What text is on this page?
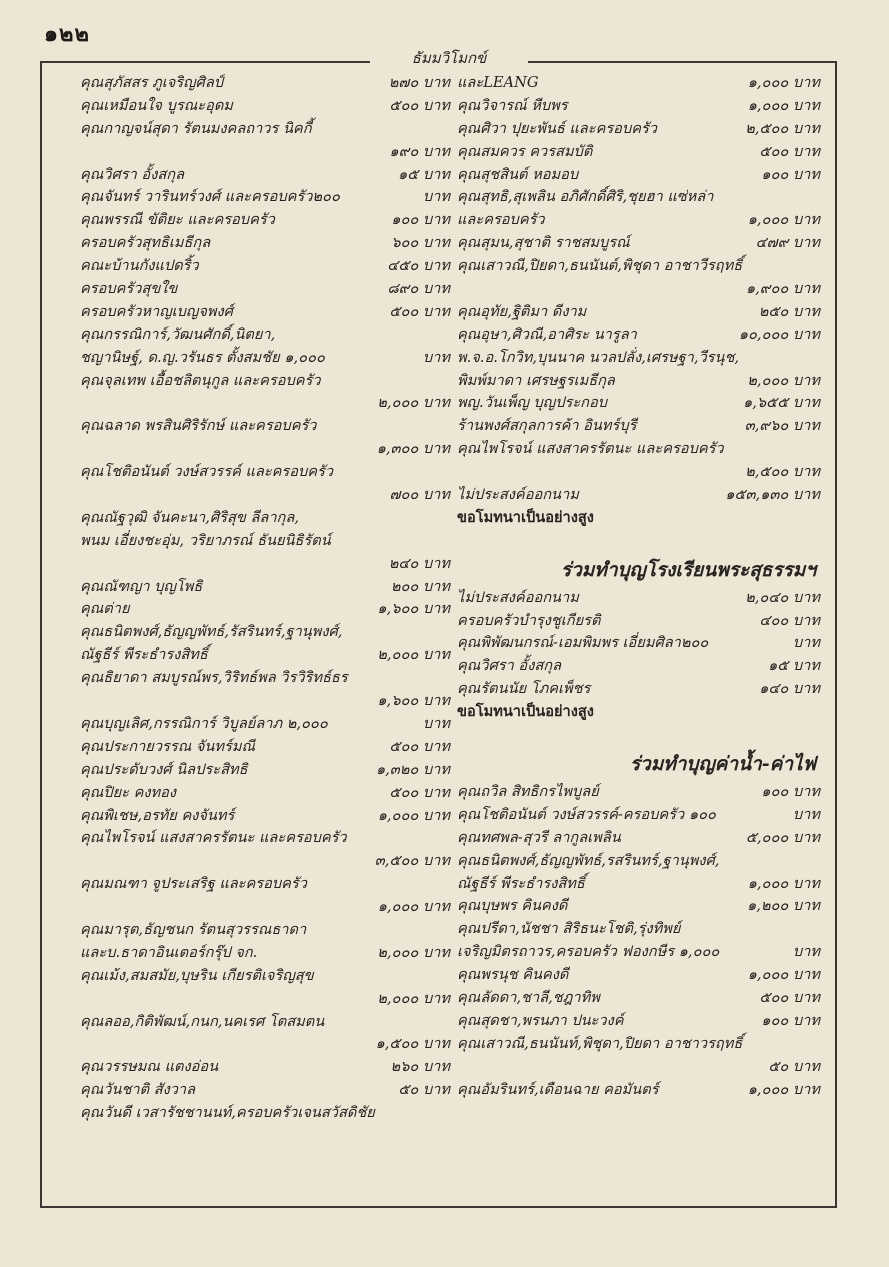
๑๒๒
ธัมมวิโมกข์
คุณสุภัสสร ภูเจริญศิลป์	๒๗๐ บาท
คุณเหมือนใจ บูรณะอุดม	๕๐๐ บาท
คุณกาญจน์สุดา รัตนมงคลถาวร นิคกี้
๑๙๐ บาท
คุณวิศรา อั้งสกุล	๑๕ บาท
คุณจันทร์ วารินทร์วงศ์ และครอบครัว๒๐๐	บาท
คุณพรรณี ขัติยะ และครอบครัว	๑๐๐ บาท
ครอบครัวสุทธิเมธีกุล	๖๐๐ บาท
คณะบ้านกังแปดริ้ว	๔๕๐ บาท
ครอบครัวสุขใข	๘๙๐ บาท
ครอบครัวหาญเบญจพงศ์	๕๐๐ บาท
คุณกรรณิการ์,วัฒนศักดิ์,นิตยา,
ชญานิษฐ์, ด.ญ.วรันธร ตั้งสมชัย ๑,๐๐๐	บาท
คุณจุลเทพ เอื้อชลิตนุกูล และครอบครัว
๒,๐๐๐ บาท
คุณฉลาด พรสินศิริรักษ์ และครอบครัว
๑,๓๐๐ บาท
คุณโชติอนันต์ วงษ์สวรรค์ และครอบครัว
๗๐๐ บาท
คุณณัฐวุฒิ จันคะนา,ศิริสุข ลีลากุล,
พนม เอี่ยงชะอุ่ม, วริยาภรณ์ ธันยนิธิรัตน์
๒๔๐ บาท
คุณณัฑญา บุญโพธิ	๒๐๐ บาท
คุณต่าย	๑,๖๐๐ บาท
คุณธนิตพงศ์,ธัญญพัทธ์,รัสรินทร์,ฐานุพงศ์,
ณัฐธีร์ พีระธำรงสิทธิ์	๒,๐๐๐ บาท
คุณธิยาดา สมบูรณ์พร,วิริทธ์พล วิรวิริทธ์ธร
๑,๖๐๐ บาท
คุณบุญเลิศ,กรรณิการ์ วิบูลย์ลาภ ๒,๐๐๐	บาท
คุณประกายวรรณ จันทร์มณี	๕๐๐ บาท
คุณประดับวงศ์ นิลประสิทธิ	๑,๓๒๐ บาท
คุณปิยะ คงทอง	๕๐๐ บาท
คุณพิเชษ,อรทัย คงจันทร์	๑,๐๐๐ บาท
คุณไพโรจน์ แสงสาครรัตนะ และครอบครัว
๓,๕๐๐ บาท
คุณมณฑา จูประเสริฐ และครอบครัว
๑,๐๐๐ บาท
คุณมารุต,ธัญชนก รัตนสุวรรณธาดา
และบ.ธาดาอินเตอร์กรุ๊ป จก.	๒,๐๐๐ บาท
คุณเม้ง,สมสมัย,บุษริน เกียรติเจริญสุข
๒,๐๐๐ บาท
คุณลออ,กิติพัฒน์,กนก,นคเรศ โตสมตน
๑,๕๐๐ บาท
คุณวรรษมณ แตงอ่อน	๒๖๐ บาท
คุณวันชาติ สังวาล	๕๐ บาท
คุณวันดี เวสารัชชานนท์,ครอบครัวเจนสวัสดิชัย
และLEANG	๑,๐๐๐ บาท
คุณวิจารณ์ หีบพร	๑,๐๐๐ บาท
คุณศิวา ปุยะพันธ์ และครอบครัว	๒,๕๐๐ บาท
คุณสมควร ควรสมบัติ	๕๐๐ บาท
คุณสุชสินต์ หอมอบ	๑๐๐ บาท
คุณสุทธิ,สุเพลิน อภิศักดิ์ศิริ,ชุยฮา แซ่หล่า
และครอบครัว	๑,๐๐๐ บาท
คุณสุมน,สุชาติ ราชสมบูรณ์	๔๗๙ บาท
คุณเสาวณี,ปิยดา,ธนนันต์,พิชุดา อาชาวีรฤทธิ์
๑,๙๐๐ บาท
คุณอุทัย,ฐิติมา ดีงาม	๒๕๐ บาท
คุณอุษา,ศิวณี,อาศิระ นารูลา	๑๐,๐๐๐ บาท
พ.จ.อ.โกวิท,บุนนาค นวลปลั่ง,เศรษฐา,วีรนุช,
พิมพ์มาดา เศรษฐรเมธีกุล	๒,๐๐๐ บาท
พญ.วันเพ็ญ บุญประกอบ	๑,๖๕๕ บาท
ร้านพงศ์สกุลการค้า อินทร์บุรี	๓,๙๖๐ บาท
คุณไพโรจน์ แสงสาครรัตนะ และครอบครัว
๒,๕๐๐ บาท
ไม่ประสงค์ออกนาม	๑๕๓,๑๓๐ บาท
ขอโมทนาเป็นอย่างสูง
ร่วมทำบุญโรงเรียนพระสุธรรมฯ
ไม่ประสงค์ออกนาม	๒,๐๔๐ บาท
ครอบครัวบำรุงชูเกียรติ	๔๐๐ บาท
คุณพิพัฒนกรณ์-เอมพิมพร เอี่ยมศิลา๒๐๐	บาท
คุณวิศรา อั้งสกุล	๑๕ บาท
คุณรัตนนัย โภคเพ็ชร	๑๔๐ บาท
ขอโมทนาเป็นอย่างสูง
ร่วมทำบุญค่าน้ำ-ค่าไฟ
คุณถวิล สิทธิกรไพบูลย์	๑๐๐ บาท
คุณโชติอนันต์ วงษ์สวรรค์-ครอบครัว ๑๐๐	บาท
คุณทศพล-สุวรี ลากูลเพลิน	๕,๐๐๐ บาท
คุณธนิตพงศ์,ธัญญพัทธ์,รสรินทร์,ฐานุพงศ์,
ณัฐธีร์ พีระธำรงสิทธิ์	๑,๐๐๐ บาท
คุณบุษพร คินคงดี	๑,๒๐๐ บาท
คุณปรีดา,นัชชา สิริธนะโชติ,รุ่งทิพย์
เจริญมิตรถาวร,ครอบครัว ฟองกษีร ๑,๐๐๐	บาท
คุณพรนุช คินคงดี	๑,๐๐๐ บาท
คุณลัดดา,ชาลี,ชฎาทิพ	๕๐๐ บาท
คุณสุดชา,พรนภา ปนะวงค์	๑๐๐ บาท
คุณเสาวณี,ธนนันท์,พิชุดา,ปิยดา อาชาวรฤทธิ์
๕๐ บาท
คุณอัมรินทร์,เดือนฉาย คอมันตร์	๑,๐๐๐ บาท
